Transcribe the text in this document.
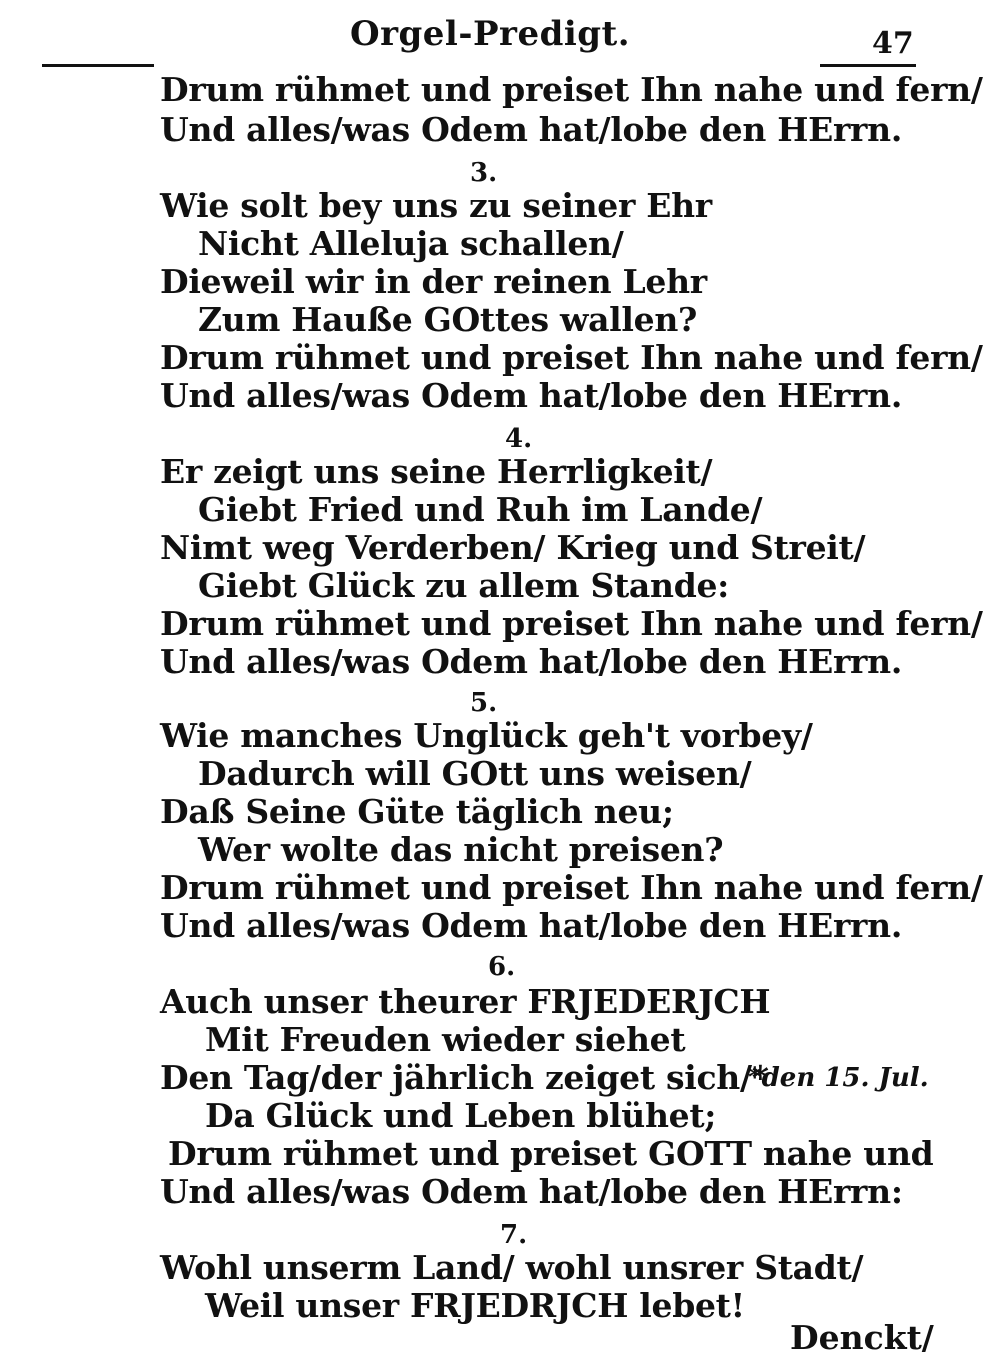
Orgel-Predigt.	47
Drum rühmet und preiset Ihn nahe und fern/
Und alles/was Odem hat/lobe den HErrn.
3.
Wie solt bey uns zu seiner Ehr
Nicht Alleluja schallen/
Dieweil wir in der reinen Lehr
Zum Hauße GOttes wallen?
Drum rühmet und preiset Ihn nahe und fern/
Und alles/was Odem hat/lobe den HErrn.
4.
Er zeigt uns seine Herrligkeit/
Giebt Fried und Ruh im Lande/
Nimt weg Verderben/ Krieg und Streit/
Giebt Glück zu allem Stande:
Drum rühmet und preiset Ihn nahe und fern/
Und alles/was Odem hat/lobe den HErrn.
5.
Wie manches Unglück geh't vorbey/
Dadurch will GOtt uns weisen/
Daß Seine Güte täglich neu;
Wer wolte das nicht preisen?
Drum rühmet und preiset Ihn nahe und fern/
Und alles/was Odem hat/lobe den HErrn.
6.
Auch unser theurer FRJEDERJCH
Mit Freuden wieder siehet
Den Tag/der jährlich zeiget sich/*
*den 15. Jul.
Da Glück und Leben blühet;
Drum rühmet und preiset GOTT nahe und
Und alles/was Odem hat/lobe den HErrn:
7.
Wohl unserm Land/ wohl unsrer Stadt/
Weil unser FRJEDRJCH lebet!
Denckt/
